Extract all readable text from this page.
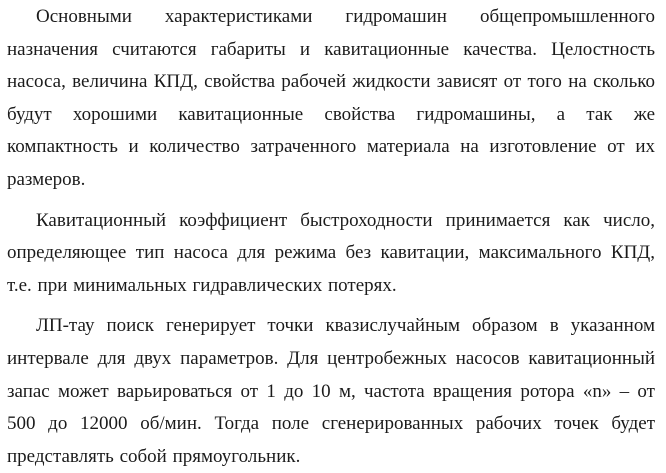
Основными характеристиками гидромашин общепромышленного назначения считаются габариты и кавитационные качества. Целостность насоса, величина КПД, свойства рабочей жидкости зависят от того на сколько будут хорошими кавитационные свойства гидромашины, а так же компактность и количество затраченного материала на изготовление от их размеров.

Кавитационный коэффициент быстроходности принимается как число, определяющее тип насоса для режима без кавитации, максимального КПД, т.е. при минимальных гидравлических потерях.

ЛП-тау поиск генерирует точки квазислучайным образом в указанном интервале для двух параметров. Для центробежных насосов кавитационный запас может варьироваться от 1 до 10 м, частота вращения ротора «n» – от 500 до 12000 об/мин. Тогда поле сгенерированных рабочих точек будет представлять собой прямоугольник.
